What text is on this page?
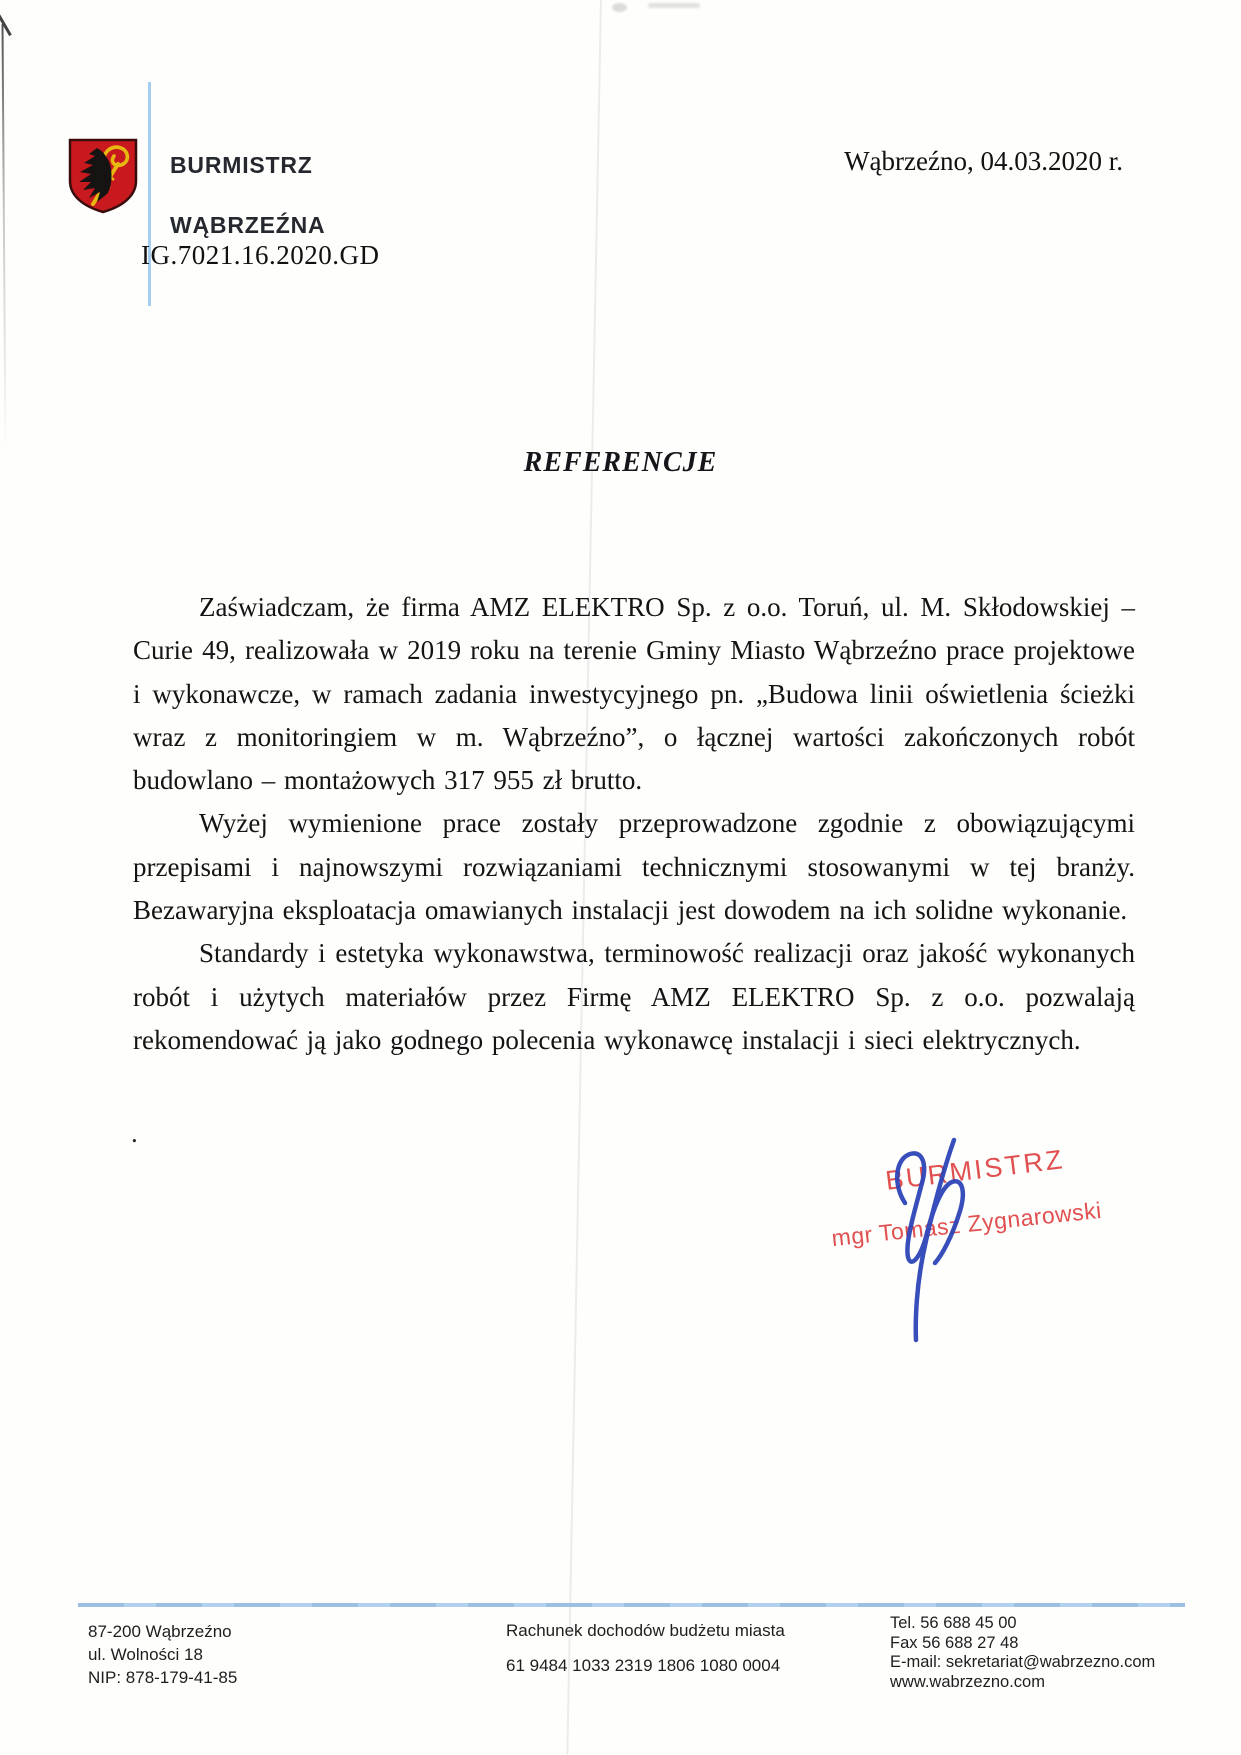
BURMISTRZ

WĄBRZEŹNA
Wąbrzeźno, 04.03.2020 r.
IG.7021.16.2020.GD
REFERENCJE

Zaświadczam, że firma AMZ ELEKTRO Sp. z o.o. Toruń, ul. M. Skłodowskiej – Curie 49, realizowała w 2019 roku na terenie Gminy Miasto Wąbrzeźno prace projektowe i wykonawcze, w ramach zadania inwestycyjnego pn. „Budowa linii oświetlenia ścieżki wraz z monitoringiem w m. Wąbrzeźno”, o łącznej wartości zakończonych robót budowlano – montażowych 317 955 zł brutto.

Wyżej wymienione prace zostały przeprowadzone zgodnie z obowiązującymi przepisami i najnowszymi rozwiązaniami technicznymi stosowanymi w tej branży. Bezawaryjna eksploatacja omawianych instalacji jest dowodem na ich solidne wykonanie.

Standardy i estetyka wykonawstwa, terminowość realizacji oraz jakość wykonanych robót i użytych materiałów przez Firmę AMZ ELEKTRO Sp. z o.o. pozwalają rekomendować ją jako godnego polecenia wykonawcę instalacji i sieci elektrycznych.

.
BURMISTRZ
mgr Tomasz Zygnarowski
87-200 Wąbrzeźno
ul. Wolności 18
NIP: 878-179-41-85
Rachunek dochodów budżetu miasta
61 9484 1033 2319 1806 1080 0004
Tel. 56 688 45 00
Fax 56 688 27 48
E-mail: sekretariat@wabrzezno.com
www.wabrzezno.com
